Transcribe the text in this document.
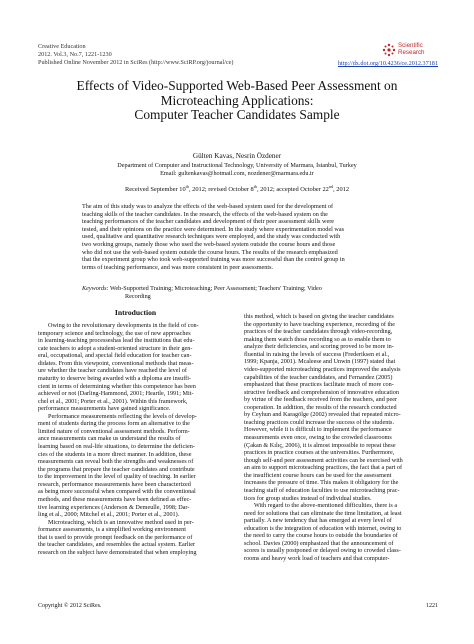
Creative Education
2012. Vol.3, No.7, 1221-1230
Published Online November 2012 in SciRes (http://www.SciRP.org/journal/ce)
Scientific
Research
http://dx.doi.org/10.4236/ce.2012.37181
Effects of Video-Supported Web-Based Peer Assessment on
Microteaching Applications:
Computer Teacher Candidates Sample
Gülten Kavas, Nesrin Özdener
Department of Computer and Instructional Technology, University of Marmara, İstanbul, Turkey
Email: gultenkavas@hotmail.com, nozdener@marmara.edu.tr
Received September 10th, 2012; revised October 8th, 2012; accepted October 22nd, 2012
The aim of this study was to analyze the effects of the web-based system used for the development of
teaching skills of the teacher candidates. In the research, the effects of the web-based system on the
teaching performances of the teacher candidates and development of their peer assessment skills were
tested, and their opinions on the practice were determined. In the study where experimentation model was
used, qualitative and quantitative research techniques were employed, and the study was conducted with
two working groups, namely those who used the web-based system outside the course hours and those
who did not use the web-based system outside the course hours. The results of the research emphasized
that the experiment group who took web-supported training was more successful than the control group in
terms of teaching performance, and was more consistent in peer assessments.
Keywords: Web-Supported Training; Microteaching; Peer Assessment; Teachers' Training; Video
Recording
Introduction
Owing to the revolutionary developments in the field of con-
temporary science and technology, the use of new approaches
in learning-teaching processeshas lead the institutions that edu-
cate teachers to adopt a student-oriented structure in their gen-
eral, occupational, and special field education for teacher can-
didates. From this viewpoint, conventional methods that meas-
ure whether the teacher candidates have reached the level of
maturity to deserve being awarded with a diploma are insuffi-
cient in terms of determining whether this competence has been
achieved or not (Darling-Hammond, 2001; Heartle, 1991; Mit-
chel et al., 2001; Porter et al., 2001). Within this framework,
performance measurements have gained significance.
Performance measurements reflecting the levels of develop-
ment of students during the process form an alternative to the
limited nature of conventional assessment methods. Perform-
ance measurements can make us understand the results of
learning based on real-life situations, to determine the deficien-
cies of the students in a more direct manner. In addition, these
measurements can reveal both the strengths and weaknesses of
the programs that prepare the teacher candidates and contribute
to the improvement in the level of quality of teaching. In earlier
research, performance measurements have been characterized
as being more successful when compared with the conventional
methods, and these measurements have been defined as effec-
tive learning experiences (Anderson & Demeulle, 1998; Dar-
ling et al., 2000; Mitchel et al., 2001; Porter et al., 2001).
Microteaching, which is an innovative method used in per-
formance assessments, is a simplified working environment
that is used to provide prompt feedback on the performance of
the teacher candidates, and resembles the actual system. Earlier
research on the subject have demonstrated that when employing
this method, which is based on giving the teacher candidates
the opportunity to have teaching experience, recording of the
practices of the teacher candidates through video-recording,
making them watch those recording so as to enable them to
analyze their deficiencies, and scoring proved to be more in-
fluential in raising the levels of success (Frederiksen et al.,
1999; Kpanja, 2001). Mcaleese and Unwin (1997) stated that
video-supported microteaching practices improved the analysis
capabilities of the teacher candidates, and Fernandez (2005)
emphasized that these practices facilitate much of more con-
structive feedback and comprehension of innovative education
by virtue of the feedback received from the teachers, and peer
cooperation. In addition, the results of the research conducted
by Ceyhun and Karagölge (2002) revealed that repeated micro-
teaching practices could increase the success of the students.
However, while it is difficult to implement the performance
measurements even once, owing to the crowded classrooms
(Çakan & Kılıç, 2006), it is almost impossible to repeat these
practices in practice courses at the universities. Furthermore,
though self-and peer assessment activities can be exercised with
an aim to support microteaching practices, the fact that a part of
the insufficient course hours can be used for the assessment
increases the pressure of time. This makes it obligatory for the
teaching staff of education faculties to use microteaching prac-
tices for group studies instead of individual studies.
With regard to the above-mentioned difficulties, there is a
need for solutions that can eliminate the time limitation, at least
partially. A new tendency that has emerged at every level of
education is the integration of education with internet, owing to
the need to carry the course hours to outside the boundaries of
school. Davies (2000) emphasized that the announcement of
scores is usually postponed or delayed owing to crowded class-
rooms and heavy work load of teachers and that computer-
Copyright © 2012 SciRes.	1221
